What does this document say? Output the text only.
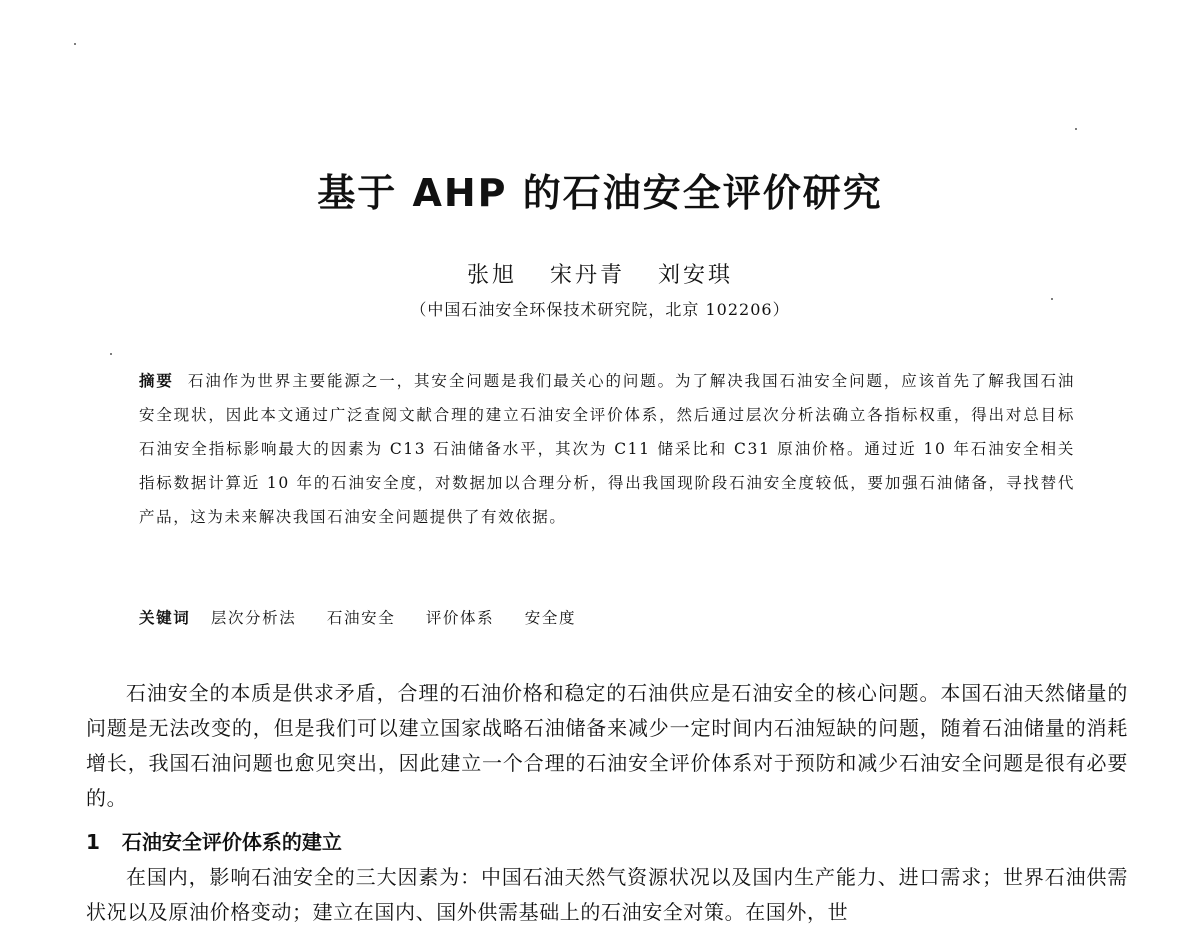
基于 AHP 的石油安全评价研究
张旭 宋丹青 刘安琪
（中国石油安全环保技术研究院，北京 102206）
摘要 石油作为世界主要能源之一，其安全问题是我们最关心的问题。为了解决我国石油安全问题，应该首先了解我国石油安全现状，因此本文通过广泛查阅文献合理的建立石油安全评价体系，然后通过层次分析法确立各指标权重，得出对总目标石油安全指标影响最大的因素为 C13 石油储备水平，其次为 C11 储采比和 C31 原油价格。通过近 10 年石油安全相关指标数据计算近 10 年的石油安全度，对数据加以合理分析，得出我国现阶段石油安全度较低，要加强石油储备，寻找替代产品，这为未来解决我国石油安全问题提供了有效依据。
关键词 层次分析法 石油安全 评价体系 安全度
石油安全的本质是供求矛盾，合理的石油价格和稳定的石油供应是石油安全的核心问题。本国石油天然储量的问题是无法改变的，但是我们可以建立国家战略石油储备来减少一定时间内石油短缺的问题，随着石油储量的消耗增长，我国石油问题也愈见突出，因此建立一个合理的石油安全评价体系对于预防和减少石油安全问题是很有必要的。
1 石油安全评价体系的建立
在国内，影响石油安全的三大因素为：中国石油天然气资源状况以及国内生产能力、进口需求；世界石油供需状况以及原油价格变动；建立在国内、国外供需基础上的石油安全对策。在国外，世
